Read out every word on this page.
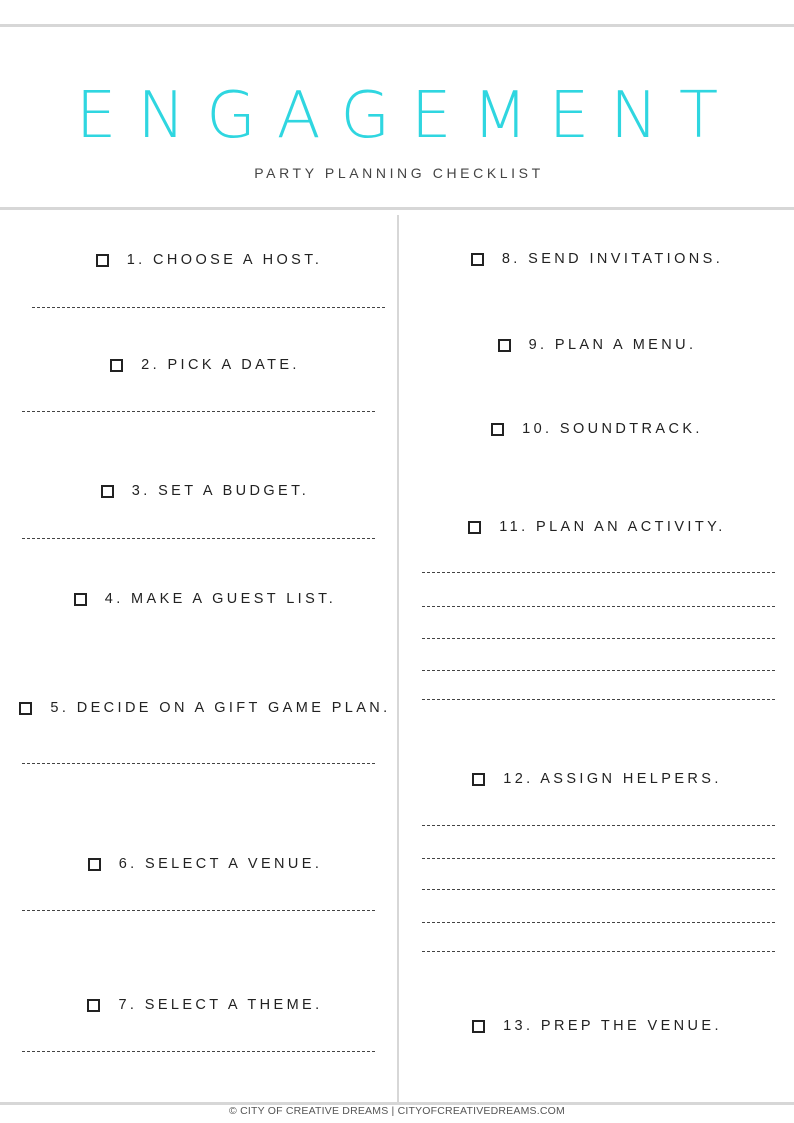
ENGAGEMENT
PARTY PLANNING CHECKLIST
1. CHOOSE A HOST.
2. PICK A DATE.
3. SET A BUDGET.
4. MAKE A GUEST LIST.
5. DECIDE ON A GIFT GAME PLAN.
6. SELECT A VENUE.
7. SELECT A THEME.
8. SEND INVITATIONS.
9. PLAN A MENU.
10. SOUNDTRACK.
11. PLAN AN ACTIVITY.
12. ASSIGN HELPERS.
13. PREP THE VENUE.
© CITY OF CREATIVE DREAMS | CITYOFCREATIVEDREAMS.COM
